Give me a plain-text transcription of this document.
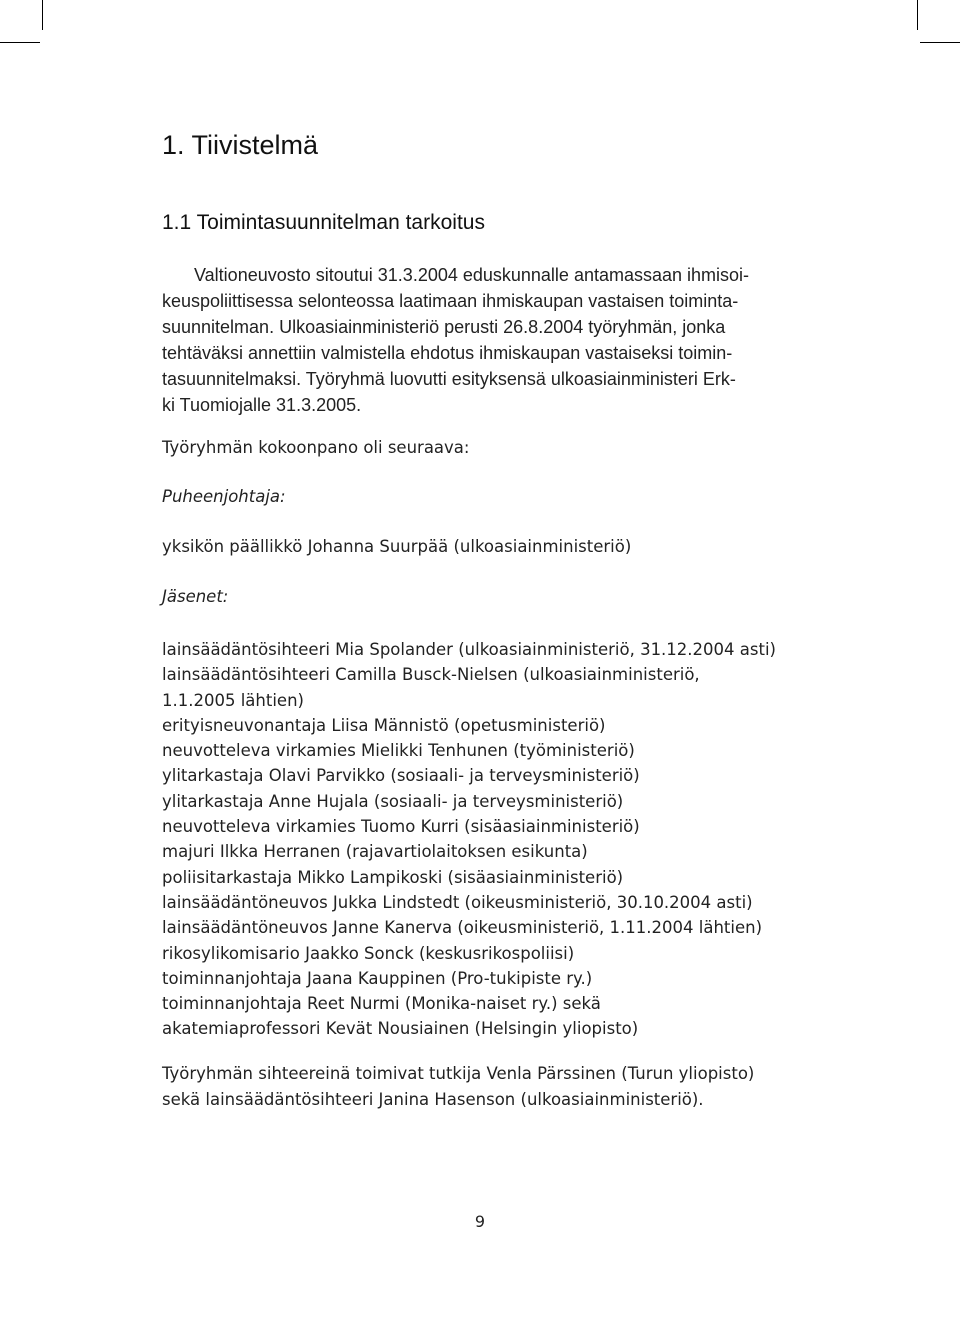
1. Tiivistelmä
1.1 Toimintasuunnitelman tarkoitus

Valtioneuvosto sitoutui 31.3.2004 eduskunnalle antamassaan ihmisoi-
keuspoliittisessa selonteossa laatimaan ihmiskaupan vastaisen toiminta-
suunnitelman. Ulkoasiainministeriö perusti 26.8.2004 työryhmän, jonka
tehtäväksi annettiin valmistella ehdotus ihmiskaupan vastaiseksi toimin-
tasuunnitelmaksi. Työryhmä luovutti esityksensä ulkoasiainministeri Erk-
ki Tuomiojalle 31.3.2005.

Työryhmän kokoonpano oli seuraava:

Puheenjohtaja:

yksikön päällikkö Johanna Suurpää (ulkoasiainministeriö)

Jäsenet:

lainsäädäntösihteeri Mia Spolander (ulkoasiainministeriö, 31.12.2004 asti)
lainsäädäntösihteeri Camilla Busck-Nielsen (ulkoasiainministeriö,
1.1.2005 lähtien)
erityisneuvonantaja Liisa Männistö (opetusministeriö)
neuvotteleva virkamies Mielikki Tenhunen (työministeriö)
ylitarkastaja Olavi Parvikko (sosiaali- ja terveysministeriö)
ylitarkastaja Anne Hujala (sosiaali- ja terveysministeriö)
neuvotteleva virkamies Tuomo Kurri (sisäasiainministeriö)
majuri Ilkka Herranen (rajavartiolaitoksen esikunta)
poliisitarkastaja Mikko Lampikoski (sisäasiainministeriö)
lainsäädäntöneuvos Jukka Lindstedt (oikeusministeriö, 30.10.2004 asti)
lainsäädäntöneuvos Janne Kanerva (oikeusministeriö, 1.11.2004 lähtien)
rikosylikomisario Jaakko Sonck (keskusrikospoliisi)
toiminnanjohtaja Jaana Kauppinen (Pro-tukipiste ry.)
toiminnanjohtaja Reet Nurmi (Monika-naiset ry.) sekä
akatemiaprofessori Kevät Nousiainen (Helsingin yliopisto)

Työryhmän sihteereinä toimivat tutkija Venla Pärssinen (Turun yliopisto)
sekä lainsäädäntösihteeri Janina Hasenson (ulkoasiainministeriö).

9
